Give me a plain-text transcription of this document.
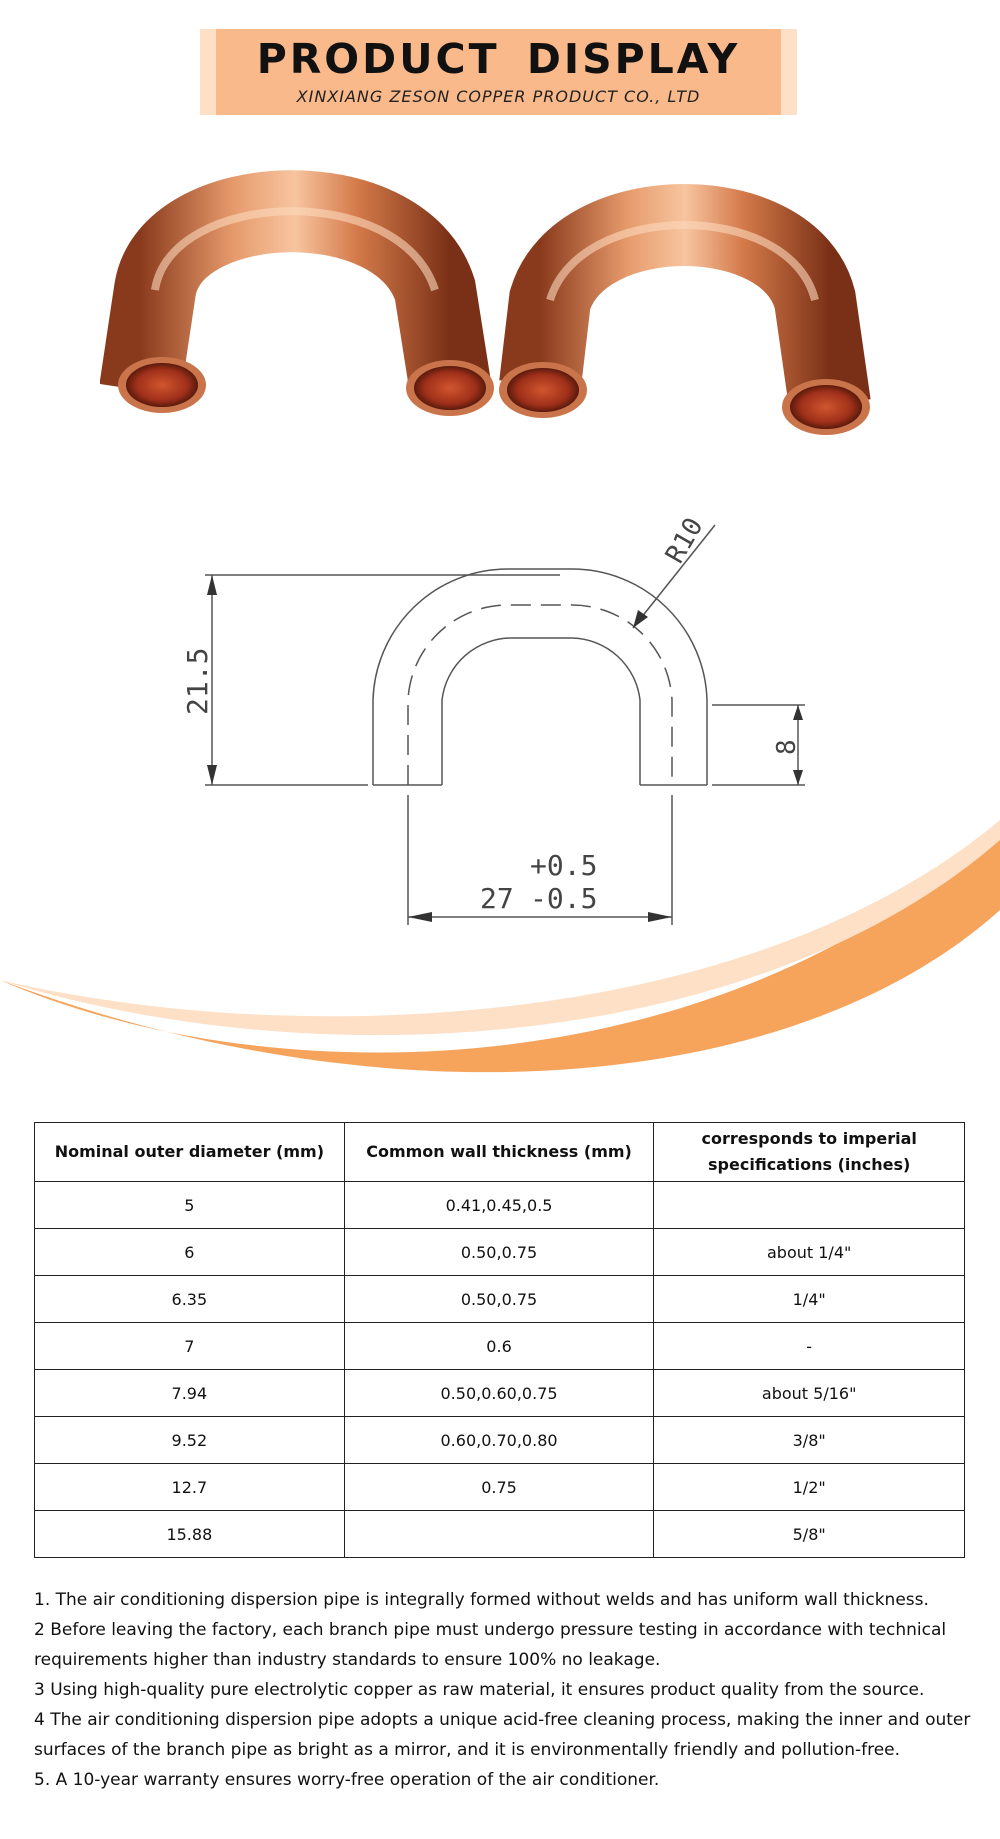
PRODUCT DISPLAY
XINXIANG ZESON COPPER PRODUCT CO., LTD
21.5
8
R10
+0.5
27 -0.5
Nominal outer diameter (mm)	Common wall thickness (mm)	corresponds to imperial specifications (inches)
5	0.41,0.45,0.5	
6	0.50,0.75	about 1/4"
6.35	0.50,0.75	1/4"
7	0.6	-
7.94	0.50,0.60,0.75	about 5/16"
9.52	0.60,0.70,0.80	3/8"
12.7	0.75	1/2"
15.88		5/8"

1. The air conditioning dispersion pipe is integrally formed without welds and has uniform wall thickness.

2 Before leaving the factory, each branch pipe must undergo pressure testing in accordance with technical requirements higher than industry standards to ensure 100% no leakage.

3 Using high-quality pure electrolytic copper as raw material, it ensures product quality from the source.

4 The air conditioning dispersion pipe adopts a unique acid-free cleaning process, making the inner and outer surfaces of the branch pipe as bright as a mirror, and it is environmentally friendly and pollution-free.

5. A 10-year warranty ensures worry-free operation of the air conditioner.
